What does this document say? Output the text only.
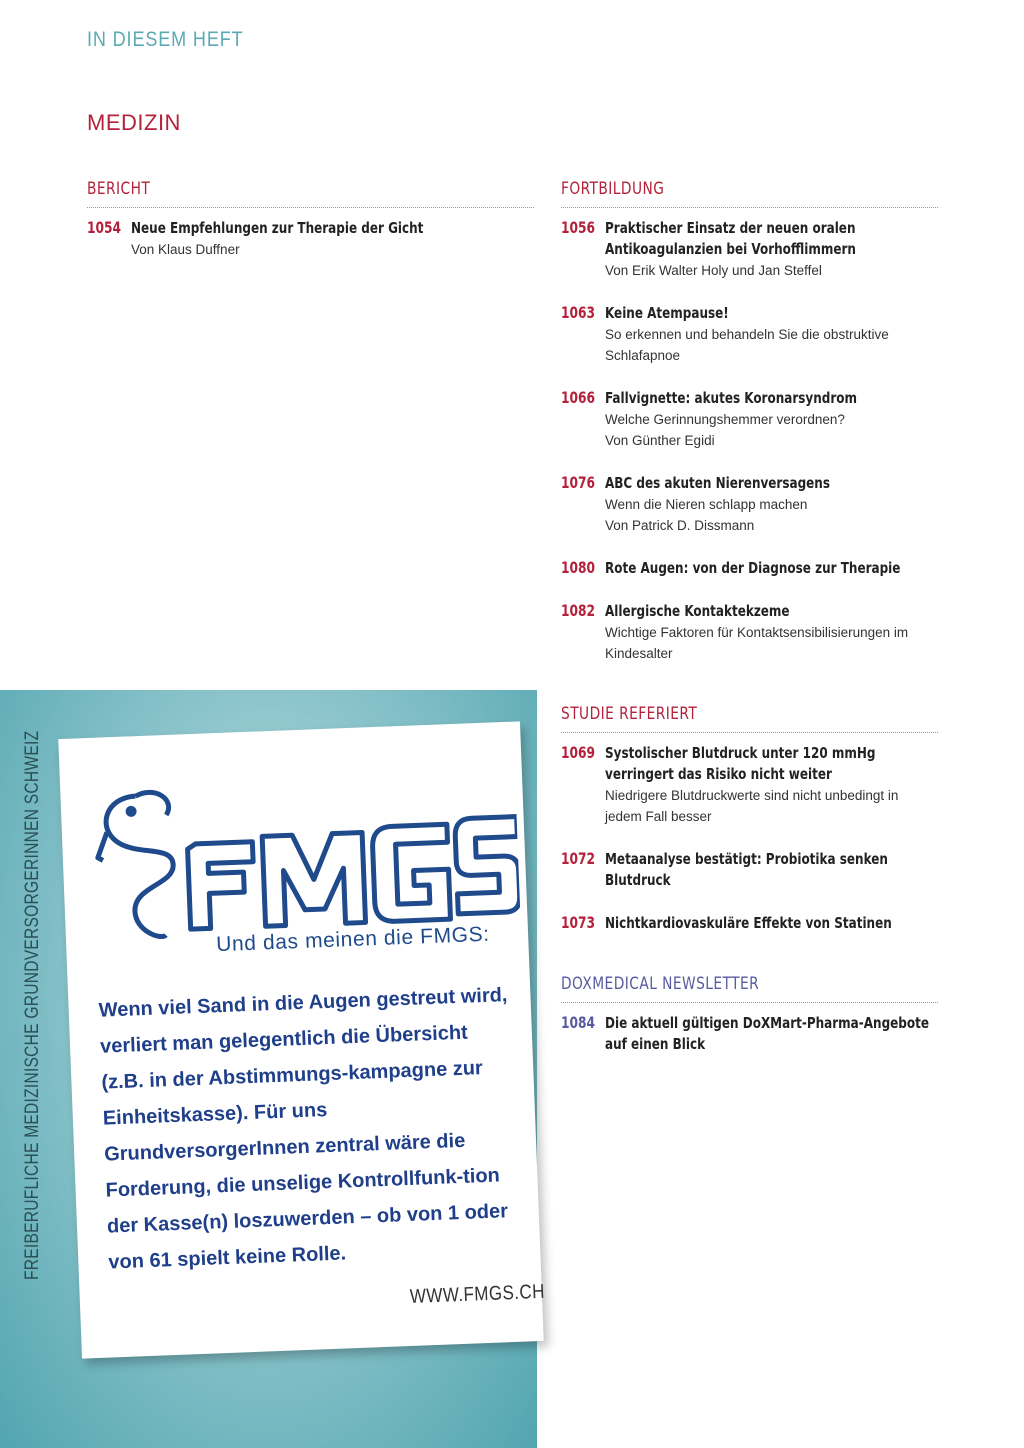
IN DIESEM HEFT
MEDIZIN
BERICHT
1054 Neue Empfehlungen zur Therapie der Gicht
Von Klaus Duffner
FORTBILDUNG
1056 Praktischer Einsatz der neuen oralen Antikoagulanzien bei Vorhofflimmern
Von Erik Walter Holy und Jan Steffel
1063 Keine Atempause!
So erkennen und behandeln Sie die obstruktive Schlafapnoe
1066 Fallvignette: akutes Koronarsyndrom
Welche Gerinnungshemmer verordnen?
Von Günther Egidi
1076 ABC des akuten Nierenversagens
Wenn die Nieren schlapp machen
Von Patrick D. Dissmann
1080 Rote Augen: von der Diagnose zur Therapie
1082 Allergische Kontaktekzeme
Wichtige Faktoren für Kontaktsensibilisierungen im Kindesalter
STUDIE REFERIERT
1069 Systolischer Blutdruck unter 120 mmHg verringert das Risiko nicht weiter
Niedrigere Blutdruckwerte sind nicht unbedingt in jedem Fall besser
1072 Metaanalyse bestätigt: Probiotika senken Blutdruck
1073 Nichtkardiovaskuläre Effekte von Statinen
DOXMEDICAL NEWSLETTER
1084 Die aktuell gültigen DoXMart-Pharma-Angebote auf einen Blick
FREIBERUFLICHE MEDIZINISCHE GRUNDVERSORGERINNEN SCHWEIZ	Und das meinen die FMGS:
Wenn viel Sand in die Augen gestreut wird, verliert man gelegentlich die Übersicht (z.B. in der Abstimmungs-kampagne zur Einheitskasse). Für uns GrundversorgerInnen zentral wäre die Forderung, die unselige Kontrollfunk-tion der Kasse(n) loszuwerden – ob von 1 oder von 61 spielt keine Rolle.
WWW.FMGS.CH
